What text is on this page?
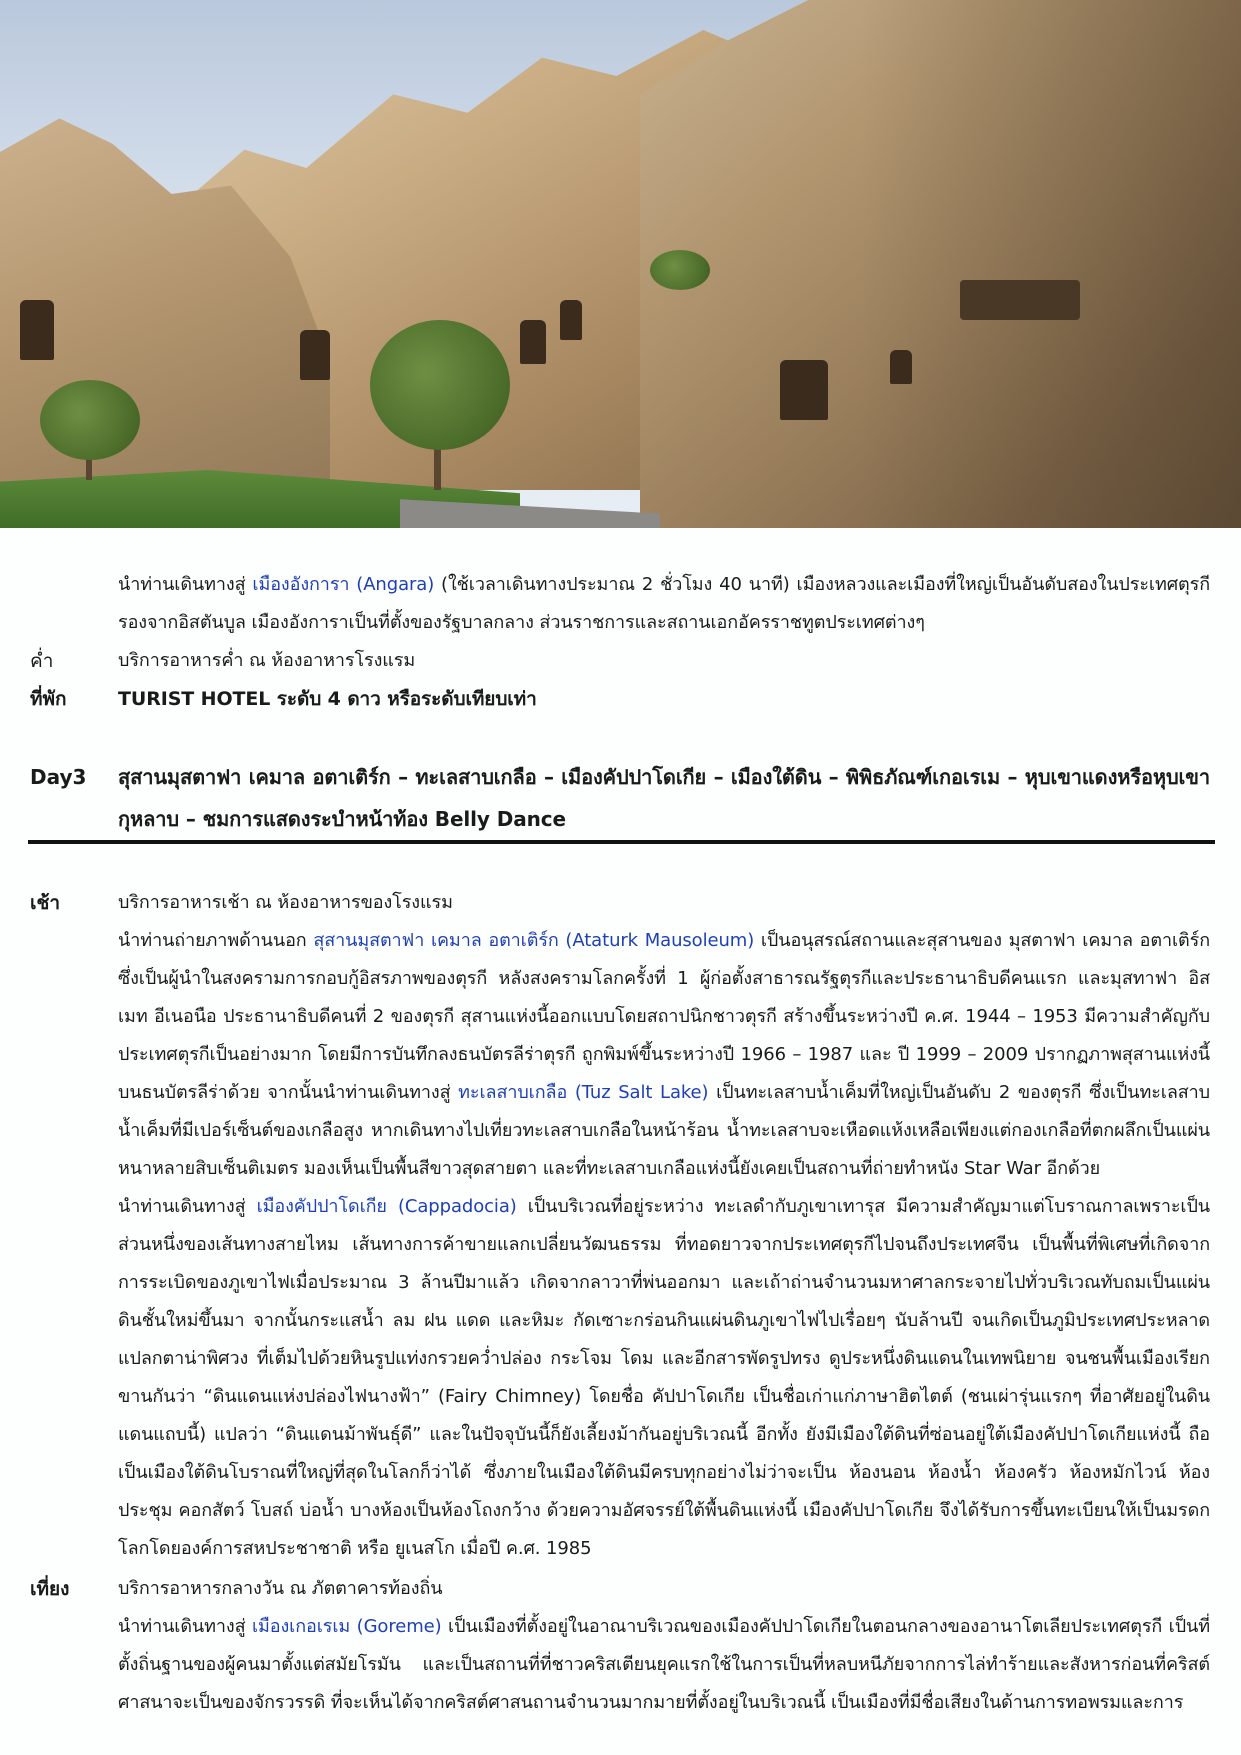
นำท่านเดินทางสู่ เมืองอังการา (Angara) (ใช้เวลาเดินทางประมาณ 2 ชั่วโมง 40 นาที) เมืองหลวงและเมืองที่ใหญ่เป็นอันดับสองในประเทศตุรกี รองจากอิสตันบูล เมืองอังการาเป็นที่ตั้งของรัฐบาลกลาง ส่วนราชการและสถานเอกอัครราชทูตประเทศต่างๆ
ค่ำ	บริการอาหารค่ำ ณ ห้องอาหารโรงแรม
ที่พัก	TURIST HOTEL ระดับ 4 ดาว หรือระดับเทียบเท่า
Day3	สุสานมุสตาฟา เคมาล อตาเติร์ก – ทะเลสาบเกลือ – เมืองคัปปาโดเกีย – เมืองใต้ดิน – พิพิธภัณฑ์เกอเรเม – หุบเขาแดงหรือหุบเขากุหลาบ – ชมการแสดงระบำหน้าท้อง Belly Dance
เช้า	บริการอาหารเช้า ณ ห้องอาหารของโรงแรม
นำท่านถ่ายภาพด้านนอก สุสานมุสตาฟา เคมาล อตาเติร์ก (Ataturk Mausoleum) เป็นอนุสรณ์สถานและสุสานของ มุสตาฟา เคมาล อตาเติร์ก ซึ่งเป็นผู้นำในสงครามการกอบกู้อิสรภาพของตุรกี หลังสงครามโลกครั้งที่ 1 ผู้ก่อตั้งสาธารณรัฐตุรกีและประธานาธิบดีคนแรก และมุสทาฟา อิสเมท อีเนอนือ ประธานาธิบดีคนที่ 2 ของตุรกี สุสานแห่งนี้ออกแบบโดยสถาปนิกชาวตุรกี สร้างขึ้นระหว่างปี ค.ศ. 1944 – 1953 มีความสำคัญกับประเทศตุรกีเป็นอย่างมาก โดยมีการบันทึกลงธนบัตรลีร่าตุรกี ถูกพิมพ์ขึ้นระหว่างปี 1966 – 1987 และ ปี 1999 – 2009 ปรากฏภาพสุสานแห่งนี้บนธนบัตรลีร่าด้วย จากนั้นนำท่านเดินทางสู่ ทะเลสาบเกลือ (Tuz Salt Lake) เป็นทะเลสาบน้ำเค็มที่ใหญ่เป็นอันดับ 2 ของตุรกี ซึ่งเป็นทะเลสาบน้ำเค็มที่มีเปอร์เซ็นต์ของเกลือสูง หากเดินทางไปเที่ยวทะเลสาบเกลือในหน้าร้อน น้ำทะเลสาบจะเหือดแห้งเหลือเพียงแต่กองเกลือที่ตกผลึกเป็นแผ่นหนาหลายสิบเซ็นติเมตร มองเห็นเป็นพื้นสีขาวสุดสายตา และที่ทะเลสาบเกลือแห่งนี้ยังเคยเป็นสถานที่ถ่ายทำหนัง Star War อีกด้วย
นำท่านเดินทางสู่ เมืองคัปปาโดเกีย (Cappadocia) เป็นบริเวณที่อยู่ระหว่าง ทะเลดำกับภูเขาเทารุส มีความสำคัญมาแต่โบราณกาลเพราะเป็นส่วนหนึ่งของเส้นทางสายไหม เส้นทางการค้าขายแลกเปลี่ยนวัฒนธรรม ที่ทอดยาวจากประเทศตุรกีไปจนถึงประเทศจีน เป็นพื้นที่พิเศษที่เกิดจากการระเบิดของภูเขาไฟเมื่อประมาณ 3 ล้านปีมาแล้ว เกิดจากลาวาที่พ่นออกมา และเถ้าถ่านจำนวนมหาศาลกระจายไปทั่วบริเวณทับถมเป็นแผ่นดินชั้นใหม่ขึ้นมา จากนั้นกระแสน้ำ ลม ฝน แดด และหิมะ กัดเซาะกร่อนกินแผ่นดินภูเขาไฟไปเรื่อยๆ นับล้านปี จนเกิดเป็นภูมิประเทศประหลาดแปลกตาน่าพิศวง ที่เต็มไปด้วยหินรูปแท่งกรวยคว่ำปล่อง กระโจม โดม และอีกสารพัดรูปทรง ดูประหนึ่งดินแดนในเทพนิยาย จนชนพื้นเมืองเรียกขานกันว่า “ดินแดนแห่งปล่องไฟนางฟ้า” (Fairy Chimney) โดยชื่อ คัปปาโดเกีย เป็นชื่อเก่าแก่ภาษาฮิตไตต์ (ชนเผ่ารุ่นแรกๆ ที่อาศัยอยู่ในดินแดนแถบนี้) แปลว่า “ดินแดนม้าพันธุ์ดี” และในปัจจุบันนี้ก็ยังเลี้ยงม้ากันอยู่บริเวณนี้ อีกทั้ง ยังมีเมืองใต้ดินที่ซ่อนอยู่ใต้เมืองคัปปาโดเกียแห่งนี้ ถือเป็นเมืองใต้ดินโบราณที่ใหญ่ที่สุดในโลกก็ว่าได้ ซึ่งภายในเมืองใต้ดินมีครบทุกอย่างไม่ว่าจะเป็น ห้องนอน ห้องน้ำ ห้องครัว ห้องหมักไวน์ ห้องประชุม คอกสัตว์ โบสถ์ บ่อน้ำ บางห้องเป็นห้องโถงกว้าง ด้วยความอัศจรรย์ใต้พื้นดินแห่งนี้ เมืองคัปปาโดเกีย จึงได้รับการขึ้นทะเบียนให้เป็นมรดกโลกโดยองค์การสหประชาชาติ หรือ ยูเนสโก เมื่อปี ค.ศ. 1985
เที่ยง	บริการอาหารกลางวัน ณ ภัตตาคารท้องถิ่น
นำท่านเดินทางสู่ เมืองเกอเรเม (Goreme) เป็นเมืองที่ตั้งอยู่ในอาณาบริเวณของเมืองคัปปาโดเกียในตอนกลางของอานาโตเลียประเทศตุรกี เป็นที่ตั้งถิ่นฐานของผู้คนมาตั้งแต่สมัยโรมัน และเป็นสถานที่ที่ชาวคริสเตียนยุคแรกใช้ในการเป็นที่หลบหนีภัยจากการไล่ทำร้ายและสังหารก่อนที่คริสต์ศาสนาจะเป็นของจักรวรรดิ ที่จะเห็นได้จากคริสต์ศาสนถานจำนวนมากมายที่ตั้งอยู่ในบริเวณนี้ เป็นเมืองที่มีชื่อเสียงในด้านการทอพรมและการ
